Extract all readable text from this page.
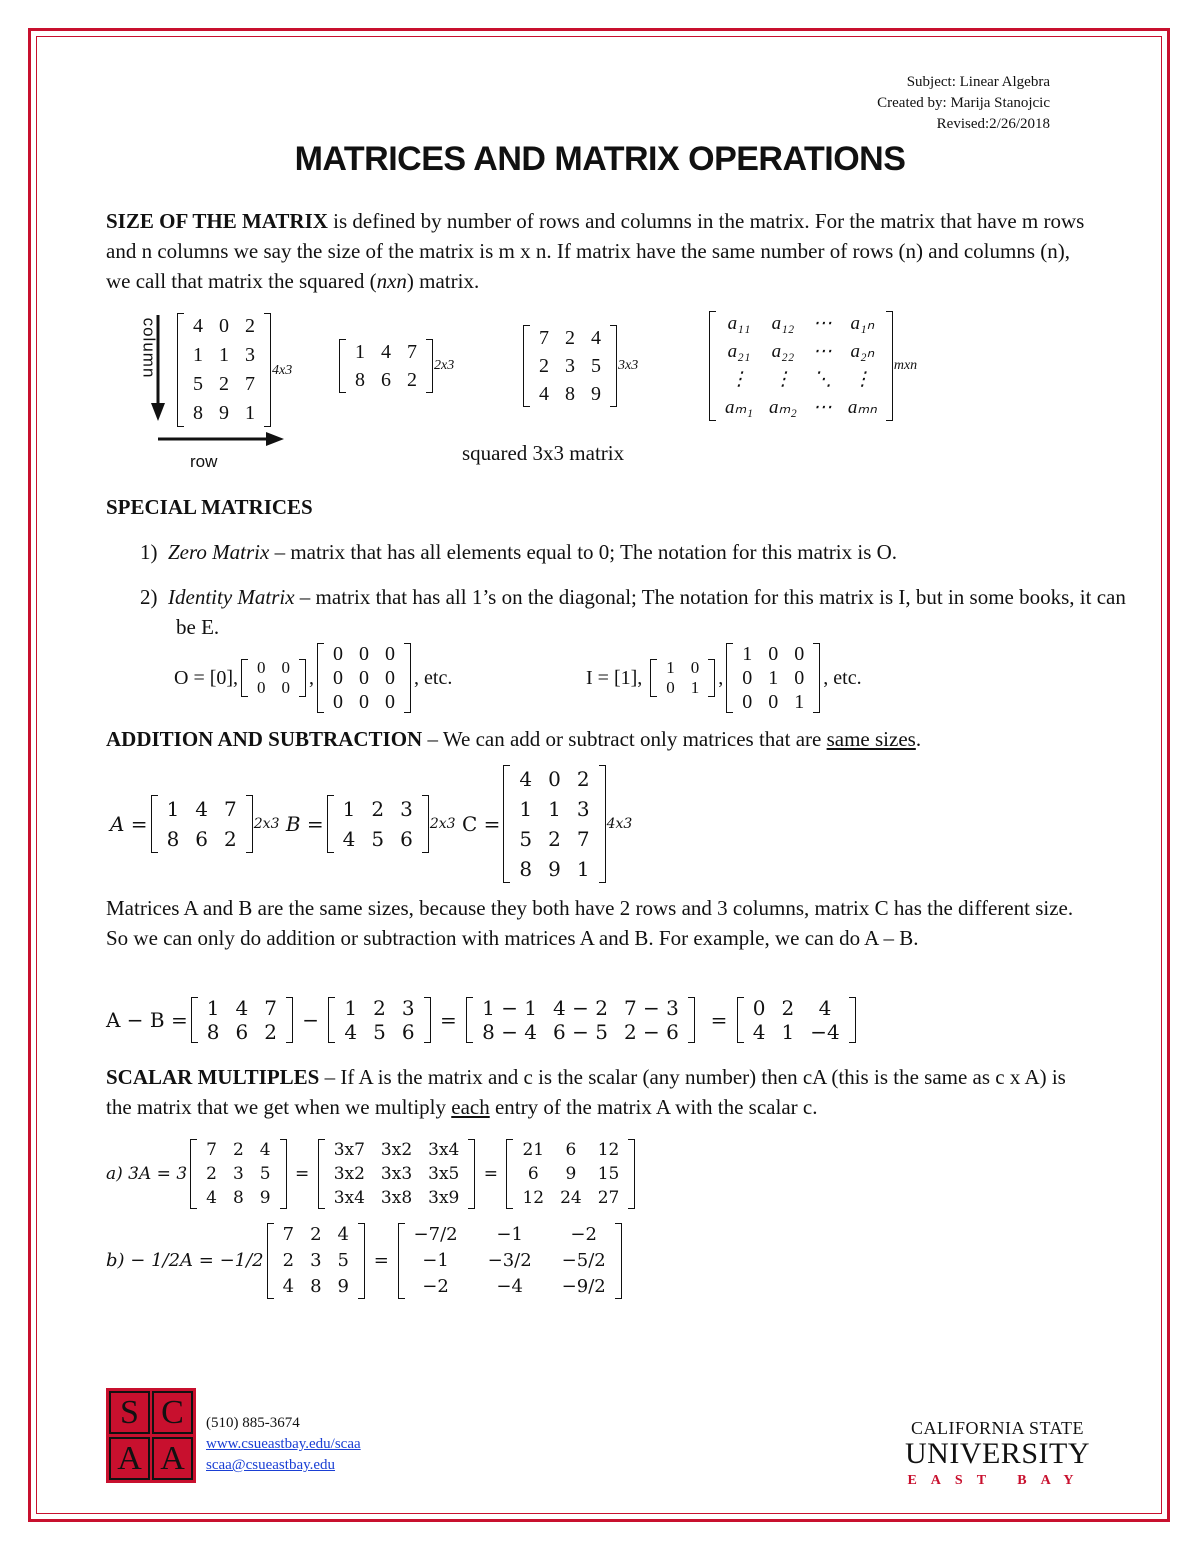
Subject: Linear Algebra
Created by: Marija Stanojcic
Revised:2/26/2018
MATRICES AND MATRIX OPERATIONS
SIZE OF THE MATRIX is defined by number of rows and columns in the matrix. For the matrix that have m rows and n columns we say the size of the matrix is m x n. If matrix have the same number of rows (n) and columns (n), we call that matrix the squared (nxn) matrix.
column
row
4 0 2
1 1 3
5 2 7
8 9 1
4x3
1 4 7
8 6 2
2x3
7 2 4
2 3 5
4 8 9
3x3
a₁₁	a₁₂ ⋯ a₁ₙ
a₂₁	a₂₂ ⋯ a₂ₙ
⋮	⋮	⋱	⋮
aₘ₁ aₘ₂ ⋯ aₘₙ
mxn
squared 3x3 matrix
SPECIAL MATRICES
1) Zero Matrix – matrix that has all elements equal to 0; The notation for this matrix is O.
2) Identity Matrix – matrix that has all 1’s on the diagonal; The notation for this matrix is I, but in some books, it can be E.
O = [0],	0 0
0 0 ,
0 0 0
0 0 0
0 0 0
, etc.	I = [1],
	1 0
0 1 ,
1 0 0
0 1 0
0 0 1
, etc.
ADDITION AND SUBTRACTION – We can add or subtract only matrices that are same sizes.
A =
1 4 7
8 6 2
2x3
B =
1 2 3
4 5 6
2x3
C =
4 0 2
1 1 3
5 2 7
8 9 1
4x3
Matrices A and B are the same sizes, because they both have 2 rows and 3 columns, matrix C has the different size. So we can only do addition or subtraction with matrices A and B. For example, we can do A – B.
A − B = 1 4 7
8 6 2
	−
	1 2 3
4 5 6
	=
	1 − 1 4 − 2 7 − 3
8 − 4 6 − 5 2 − 6
	=
	0 2	4
4 1 −4
SCALAR MULTIPLES – If A is the matrix and c is the scalar (any number) then cA (this is the same as c x A) is the matrix that we get when we multiply each entry of the matrix A with the scalar c.
a) 3A = 3
7 2 4
2 3 5
4 8 9

=

3x7 3x2 3x4
3x2 3x3 3x5
3x4 3x8 3x9

=

21	6	12
6	9	15
12 24 27
b) − 1/2A = −1/2
7 2 4
2 3 5
4 8 9

=

−7/2	−1	−2
−1	−3/2	−5/2
−2	−4	−9/2
S C
A A
(510) 885-3674
www.csueastbay.edu/scaa
scaa@csueastbay.edu
CALIFORNIA STATE
UNIVERSITY
EAST BAY
